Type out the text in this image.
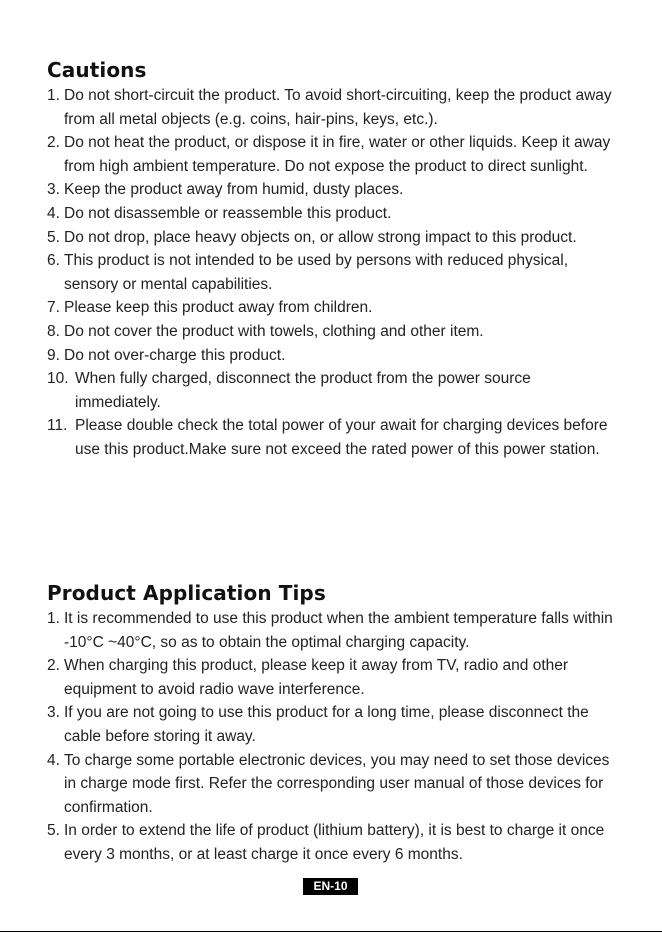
Cautions
1. Do not short-circuit the product. To avoid short-circuiting, keep the product away from all metal objects (e.g. coins, hair-pins, keys, etc.).
2. Do not heat the product, or dispose it in fire, water or other liquids. Keep it away from high ambient temperature. Do not expose the product to direct sunlight.
3. Keep the product away from humid, dusty places.
4. Do not disassemble or reassemble this product.
5. Do not drop, place heavy objects on, or allow strong impact to this product.
6. This product is not intended to be used by persons with reduced physical, sensory or mental capabilities.
7. Please keep this product away from children.
8. Do not cover the product with towels, clothing and other item.
9. Do not over-charge this product.
10. When fully charged, disconnect the product from the power source immediately.
11. Please double check the total power of your await for charging devices before use this product.Make sure not exceed the rated power of this power station.
Product Application Tips
1. It is recommended to use this product when the ambient temperature falls within -10°C ~40°C, so as to obtain the optimal charging capacity.
2. When charging this product, please keep it away from TV, radio and other equipment to avoid radio wave interference.
3. If you are not going to use this product for a long time, please disconnect the cable before storing it away.
4. To charge some portable electronic devices, you may need to set those devices in charge mode first. Refer the corresponding user manual of those devices for confirmation.
5. In order to extend the life of product (lithium battery), it is best to charge it once every 3 months, or at least charge it once every 6 months.
EN-10
